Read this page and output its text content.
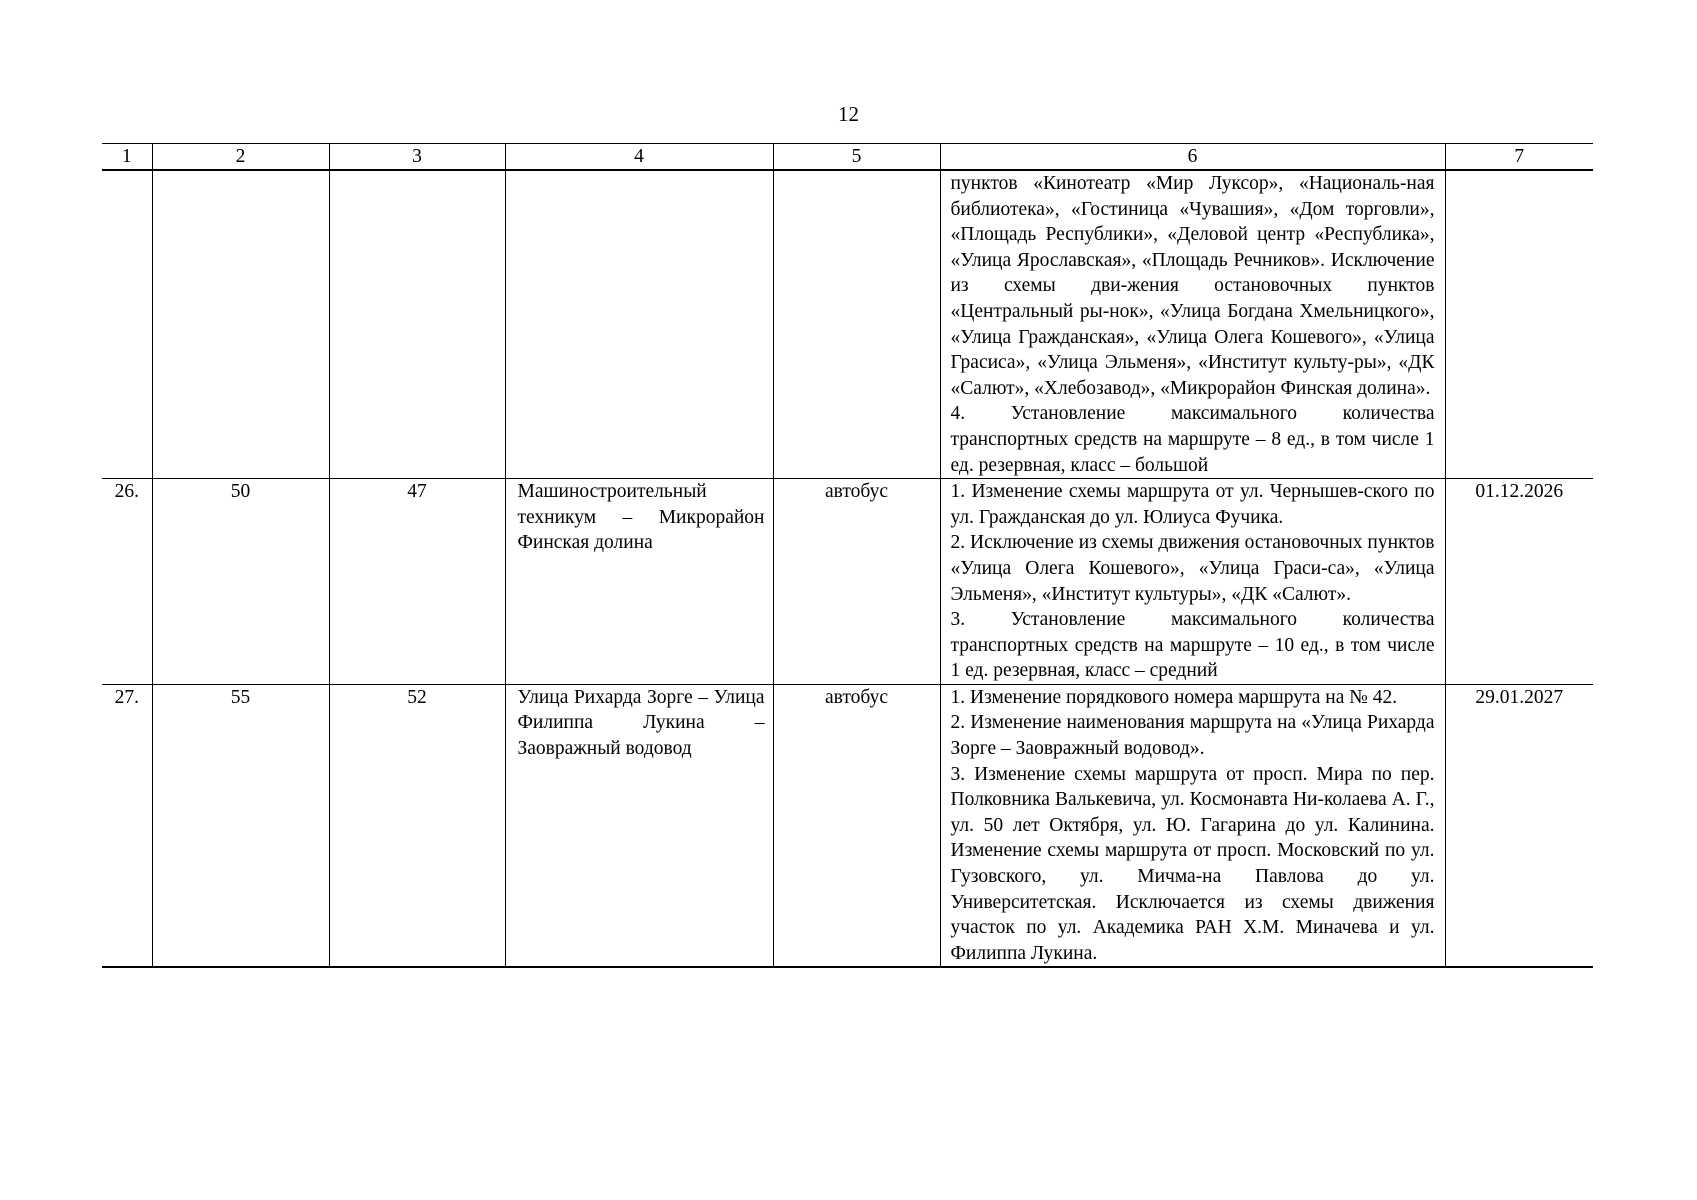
12
1	2	3	4	5	6	7

					пунктов «Кинотеатр «Мир Луксор», «Националь-ная библиотека», «Гостиница «Чувашия», «Дом торговли», «Площадь Республики», «Деловой центр «Республика», «Улица Ярославская», «Площадь Речников». Исключение из схемы дви-жения остановочных пунктов «Центральный ры-нок», «Улица Богдана Хмельницкого», «Улица Гражданская», «Улица Олега Кошевого», «Улица Грасиса», «Улица Эльменя», «Институт культу-ры», «ДК «Салют», «Хлебозавод», «Микрорайон Финская долина».
4. Установление максимального количества транспортных средств на маршруте – 8 ед., в том числе 1 ед. резервная, класс – большой	

26.	50	47	Машиностроительный техникум – Микрорайон Финская долина	автобус	1. Изменение схемы маршрута от ул. Чернышев-ского по ул. Гражданская до ул. Юлиуса Фучика.
2. Исключение из схемы движения остановочных пунктов «Улица Олега Кошевого», «Улица Граси-са», «Улица Эльменя», «Институт культуры», «ДК «Салют».
3. Установление максимального количества транспортных средств на маршруте – 10 ед., в том числе 1 ед. резервная, класс – средний	01.12.2026
27.	55	52	Улица Рихарда Зорге – Улица Филиппа Лукина – Заовражный водовод	автобус	1. Изменение порядкового номера маршрута на № 42.
2. Изменение наименования маршрута на «Улица Рихарда Зорге – Заовражный водовод».
3. Изменение схемы маршрута от просп. Мира по пер. Полковника Валькевича, ул. Космонавта Ни-колаева А. Г., ул. 50 лет Октября, ул. Ю. Гагарина до ул. Калинина. Изменение схемы маршрута от просп. Московский по ул. Гузовского, ул. Мичма-на Павлова до ул. Университетская. Исключается из схемы движения участок по ул. Академика РАН Х.М. Миначева и ул. Филиппа Лукина.	29.01.2027
